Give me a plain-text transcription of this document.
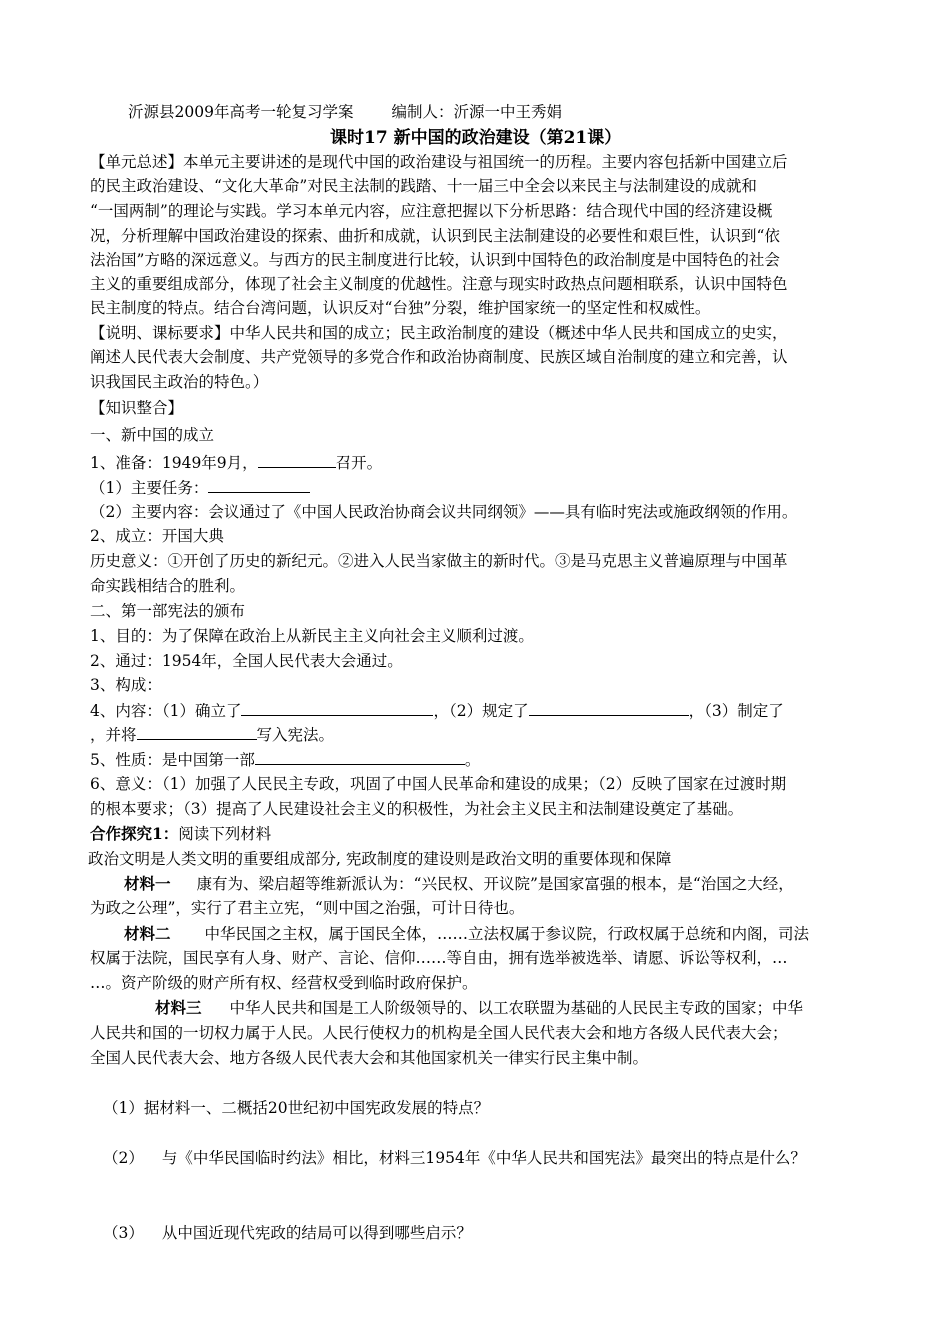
沂源县2009年高考一轮复习学案 编制人：沂源一中王秀娟
课时17 新中国的政治建设（第21课）
【单元总述】本单元主要讲述的是现代中国的政治建设与祖国统一的历程。主要内容包括新中国建立后
的民主政治建设、“文化大革命”对民主法制的践踏、十一届三中全会以来民主与法制建设的成就和
“一国两制”的理论与实践。学习本单元内容，应注意把握以下分析思路：结合现代中国的经济建设概
况，分析理解中国政治建设的探索、曲折和成就，认识到民主法制建设的必要性和艰巨性，认识到“依
法治国”方略的深远意义。与西方的民主制度进行比较，认识到中国特色的政治制度是中国特色的社会
主义的重要组成部分，体现了社会主义制度的优越性。注意与现实时政热点问题相联系，认识中国特色
民主制度的特点。结合台湾问题，认识反对“台独”分裂，维护国家统一的坚定性和权威性。
【说明、课标要求】中华人民共和国的成立；民主政治制度的建设（概述中华人民共和国成立的史实，
阐述人民代表大会制度、共产党领导的多党合作和政治协商制度、民族区域自治制度的建立和完善，认
识我国民主政治的特色。）
【知识整合】
一、新中国的成立
1、准备：1949年9月，	召开。
（1）主要任务：
（2）主要内容：会议通过了《中国人民政治协商会议共同纲领》——具有临时宪法或施政纲领的作用。
2、成立：开国大典
历史意义：①开创了历史的新纪元。②进入人民当家做主的新时代。③是马克思主义普遍原理与中国革
命实践相结合的胜利。
二、第一部宪法的颁布
1、目的：为了保障在政治上从新民主主义向社会主义顺利过渡。
2、通过：1954年，全国人民代表大会通过。
3、构成：
4、内容：（1）确立了	，（2）规定了	，（3）制定了
，并将	写入宪法。
5、性质：是中国第一部	。
6、意义：（1）加强了人民民主专政，巩固了中国人民革命和建设的成果；（2）反映了国家在过渡时期
的根本要求；（3）提高了人民建设社会主义的积极性，为社会主义民主和法制建设奠定了基础。
合作探究1：阅读下列材料
政治文明是人类文明的重要组成部分, 宪政制度的建设则是政治文明的重要体现和保障
材料一 康有为、梁启超等维新派认为：“兴民权、开议院”是国家富强的根本，是“治国之大经，
为政之公理”，实行了君主立宪，“则中国之治强，可计日待也。
材料二 中华民国之主权，属于国民全体，……立法权属于参议院，行政权属于总统和内阁，司法
权属于法院，国民享有人身、财产、言论、信仰……等自由，拥有选举被选举、请愿、诉讼等权利，…
…。资产阶级的财产所有权、经营权受到临时政府保护。
材料三 中华人民共和国是工人阶级领导的、以工农联盟为基础的人民民主专政的国家；中华
人民共和国的一切权力属于人民。人民行使权力的机构是全国人民代表大会和地方各级人民代表大会；
全国人民代表大会、地方各级人民代表大会和其他国家机关一律实行民主集中制。
（1）据材料一、二概括20世纪初中国宪政发展的特点？
（2） 与《中华民国临时约法》相比，材料三1954年《中华人民共和国宪法》最突出的特点是什么？
（3） 从中国近现代宪政的结局可以得到哪些启示？
